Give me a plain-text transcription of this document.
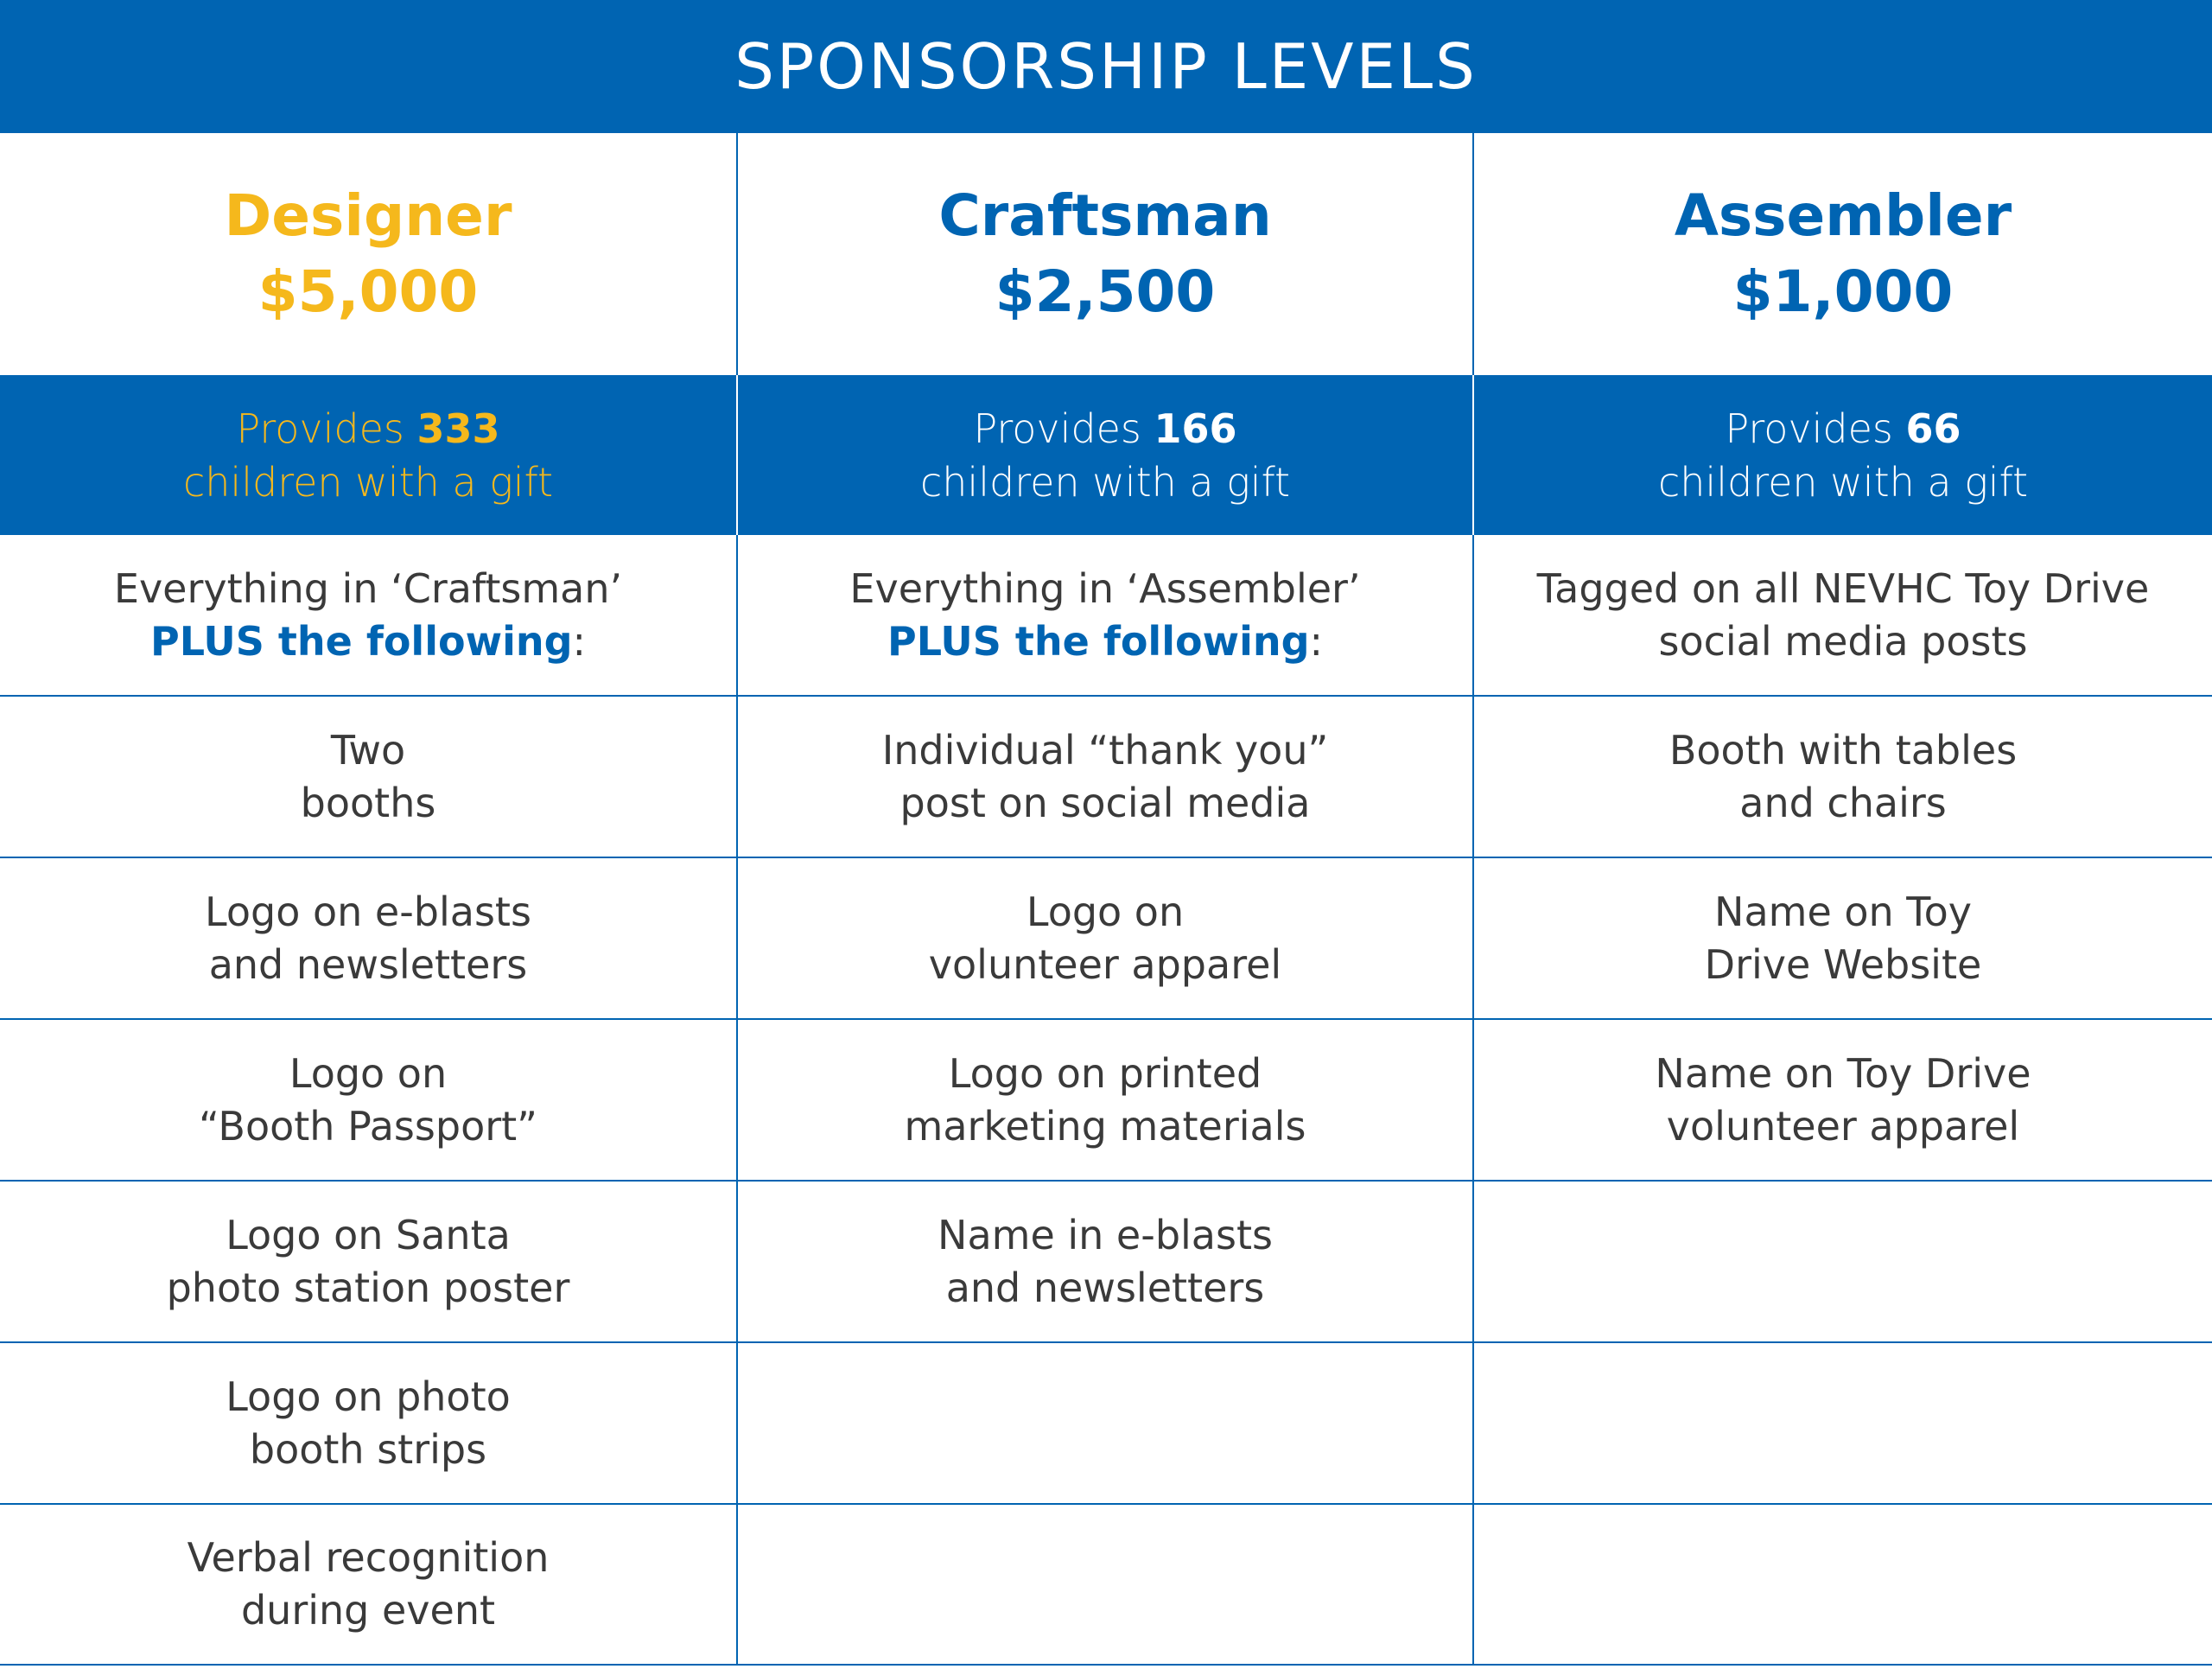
SPONSORSHIP LEVELS
Designer
$5,000
Craftsman
$2,500
Assembler
$1,000
Provides 333
children with a gift
Provides 166
children with a gift
Provides 66
children with a gift
Everything in ‘Craftsman’
PLUS the following:
Everything in ‘Assembler’
PLUS the following:
Tagged on all NEVHC Toy Drive
social media posts
Two
booths
Individual “thank you”
post on social media
Booth with tables
and chairs
Logo on e-blasts
and newsletters
Logo on
volunteer apparel
Name on Toy
Drive Website
Logo on
“Booth Passport”
Logo on printed
marketing materials
Name on Toy Drive
volunteer apparel
Logo on Santa
photo station poster
Name in e-blasts
and newsletters
Logo on photo
booth strips
Verbal recognition
during event
